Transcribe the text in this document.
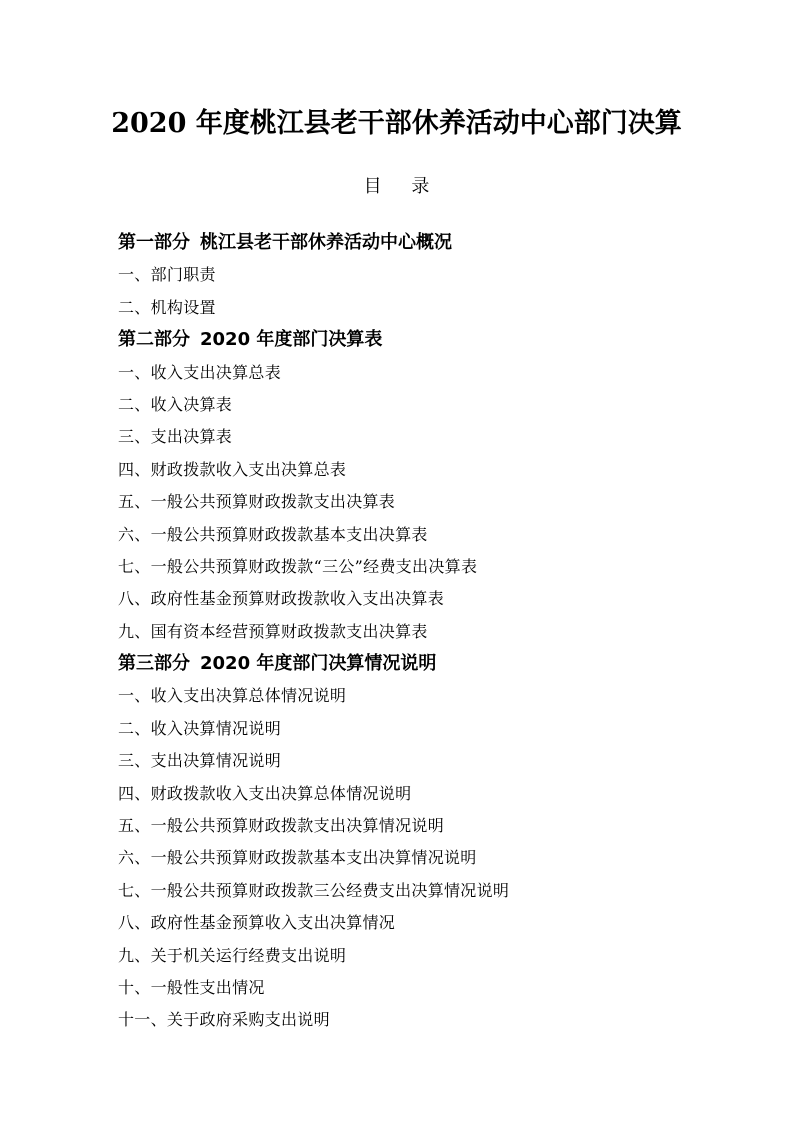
2020 年度桃江县老干部休养活动中心部门决算
目 录
第一部分 桃江县老干部休养活动中心概况
一、部门职责
二、机构设置
第二部分 2020 年度部门决算表
一、收入支出决算总表
二、收入决算表
三、支出决算表
四、财政拨款收入支出决算总表
五、一般公共预算财政拨款支出决算表
六、一般公共预算财政拨款基本支出决算表
七、一般公共预算财政拨款“三公”经费支出决算表
八、政府性基金预算财政拨款收入支出决算表
九、国有资本经营预算财政拨款支出决算表
第三部分 2020 年度部门决算情况说明
一、收入支出决算总体情况说明
二、收入决算情况说明
三、支出决算情况说明
四、财政拨款收入支出决算总体情况说明
五、一般公共预算财政拨款支出决算情况说明
六、一般公共预算财政拨款基本支出决算情况说明
七、一般公共预算财政拨款三公经费支出决算情况说明
八、政府性基金预算收入支出决算情况
九、关于机关运行经费支出说明
十、一般性支出情况
十一、关于政府采购支出说明
